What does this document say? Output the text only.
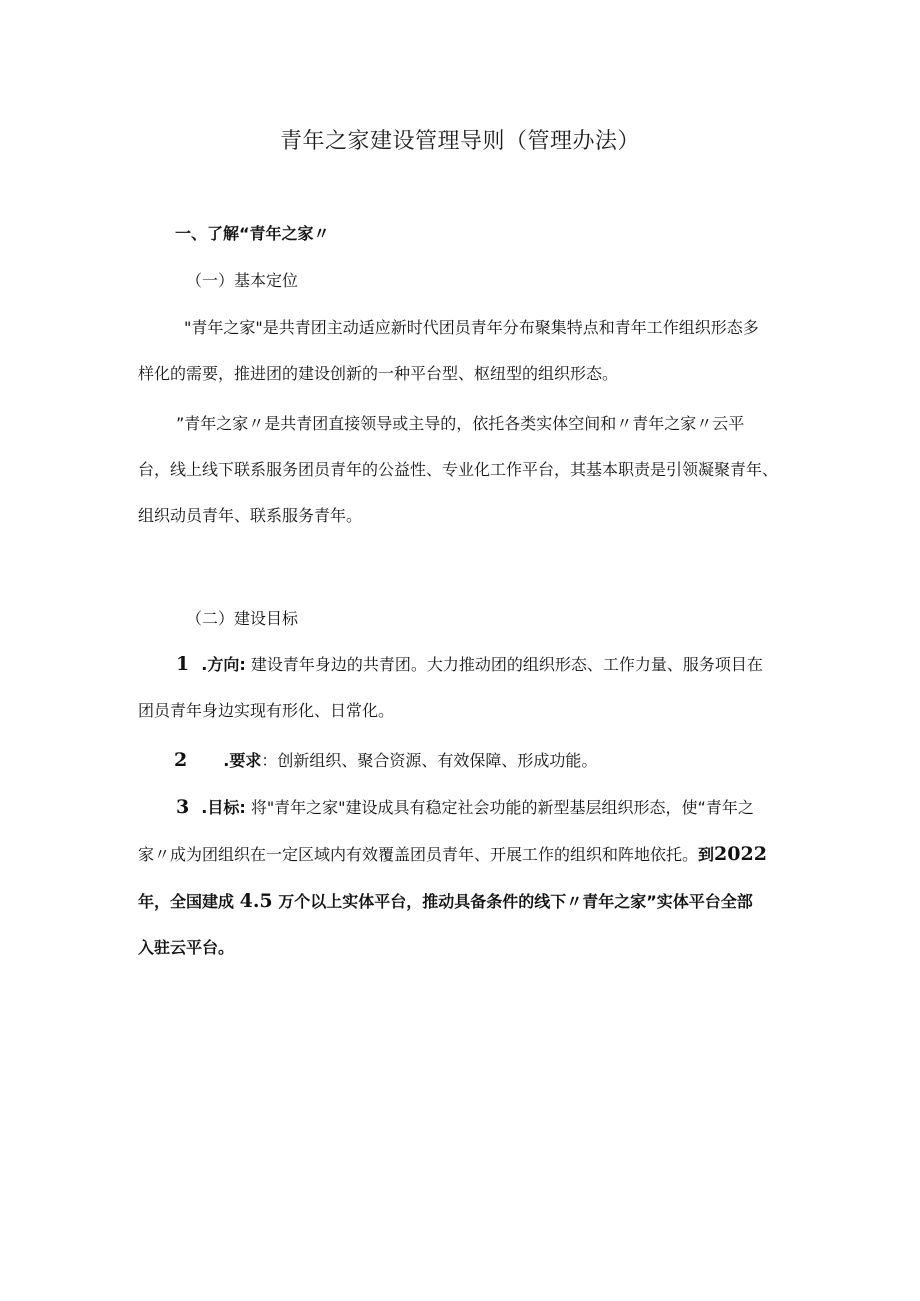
青年之家建设管理导则（管理办法）
一、了解“青年之家〃
（一）基本定位
"青年之家"是共青团主动适应新时代团员青年分布聚集特点和青年工作组织形态多
样化的需要，推进团的建设创新的一种平台型、枢纽型的组织形态。
”青年之家〃是共青团直接领导或主导的，依托各类实体空间和〃青年之家〃云平
台，线上线下联系服务团员青年的公益性、专业化工作平台，其基本职责是引领凝聚青年、
组织动员青年、联系服务青年。
（二）建设目标
1 .方向: 建设青年身边的共青团。大力推动团的组织形态、工作力量、服务项目在
团员青年身边实现有形化、日常化。
2 .要求：创新组织、聚合资源、有效保障、形成功能。
3 .目标: 将"青年之家"建设成具有稳定社会功能的新型基层组织形态，使“青年之
家〃成为团组织在一定区域内有效覆盖团员青年、开展工作的组织和阵地依托。到2022
年，全国建成 4.5 万个以上实体平台，推动具备条件的线下〃青年之家”实体平台全部
入驻云平台。
